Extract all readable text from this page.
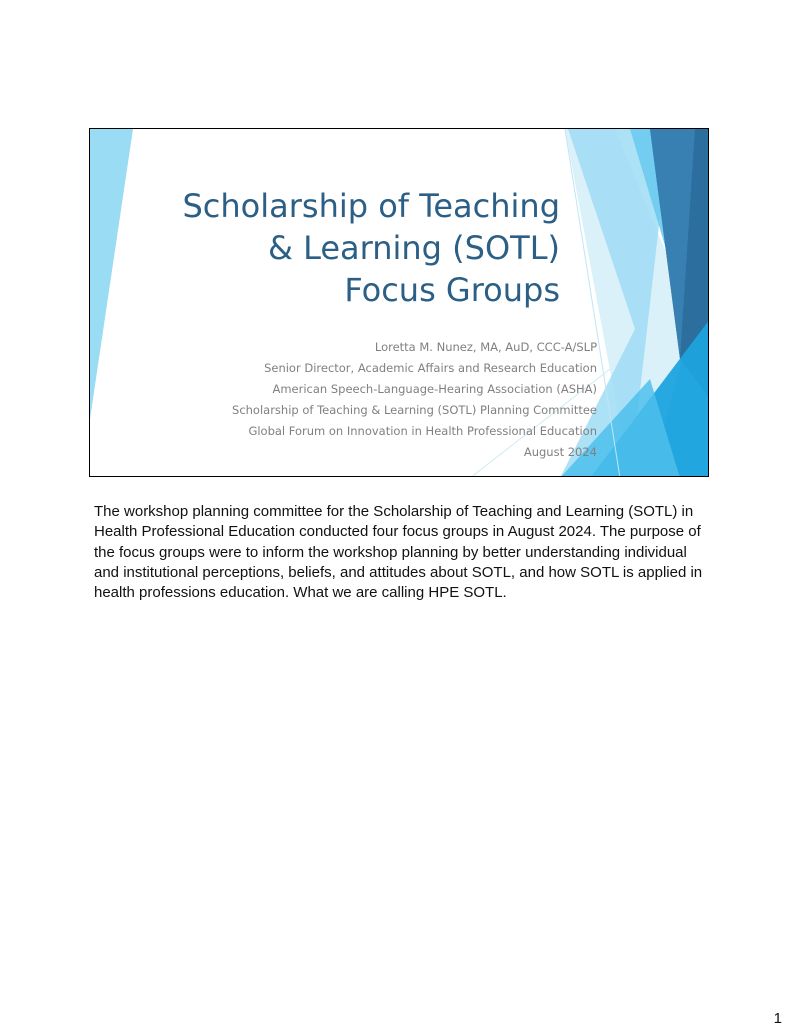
Scholarship of Teaching
& Learning (SOTL)
Focus Groups
Loretta M. Nunez, MA, AuD, CCC-A/SLP
Senior Director, Academic Affairs and Research Education
American Speech-Language-Hearing Association (ASHA)
Scholarship of Teaching & Learning (SOTL) Planning Committee
Global Forum on Innovation in Health Professional Education
August 2024

The workshop planning committee for the Scholarship of Teaching and Learning (SOTL) in Health Professional Education conducted four focus groups in August 2024. The purpose of the focus groups were to inform the workshop planning by better understanding individual and institutional perceptions, beliefs, and attitudes about SOTL, and how SOTL is applied in health professions education. What we are calling HPE SOTL.

1
